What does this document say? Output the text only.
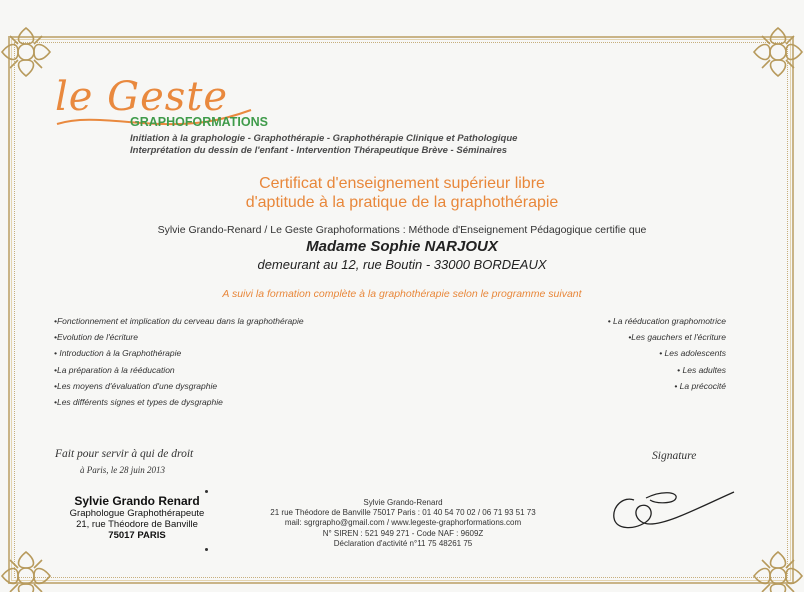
le Geste
GRAPHOFORMATIONS
Initiation à la graphologie - Graphothérapie - Graphothérapie Clinique et Pathologique
Interprétation du dessin de l'enfant - Intervention Thérapeutique Brève - Séminaires
Certificat d'enseignement supérieur libre
d'aptitude à la pratique de la graphothérapie
Sylvie Grando-Renard / Le Geste Graphoformations : Méthode d'Enseignement Pédagogique certifie que
Madame Sophie NARJOUX
demeurant au 12, rue Boutin - 33000 BORDEAUX
A suivi la formation complète à la graphothérapie selon le programme suivant
•Fonctionnement et implication du cerveau dans la graphothérapie
•Evolution de l'écriture
• Introduction à la Graphothérapie
•La préparation à la rééducation
•Les moyens d'évaluation d'une dysgraphie
•Les différents signes et types de dysgraphie
• La rééducation graphomotrice
•Les gauchers et l'écriture
• Les adolescents
• Les adultes
• La précocité
Fait pour servir à qui de droit
à Paris, le 28 juin 2013
Signature
Sylvie Grando Renard
Graphologue Graphothérapeute
21, rue Théodore de Banville
75017 PARIS
Sylvie Grando-Renard
21 rue Théodore de Banville 75017 Paris : 01 40 54 70 02 / 06 71 93 51 73
mail: sgrgrapho@gmail.com / www.legeste-graphorformations.com
N° SIREN : 521 949 271 - Code NAF : 9609Z
Déclaration d'activité n°11 75 48261 75
